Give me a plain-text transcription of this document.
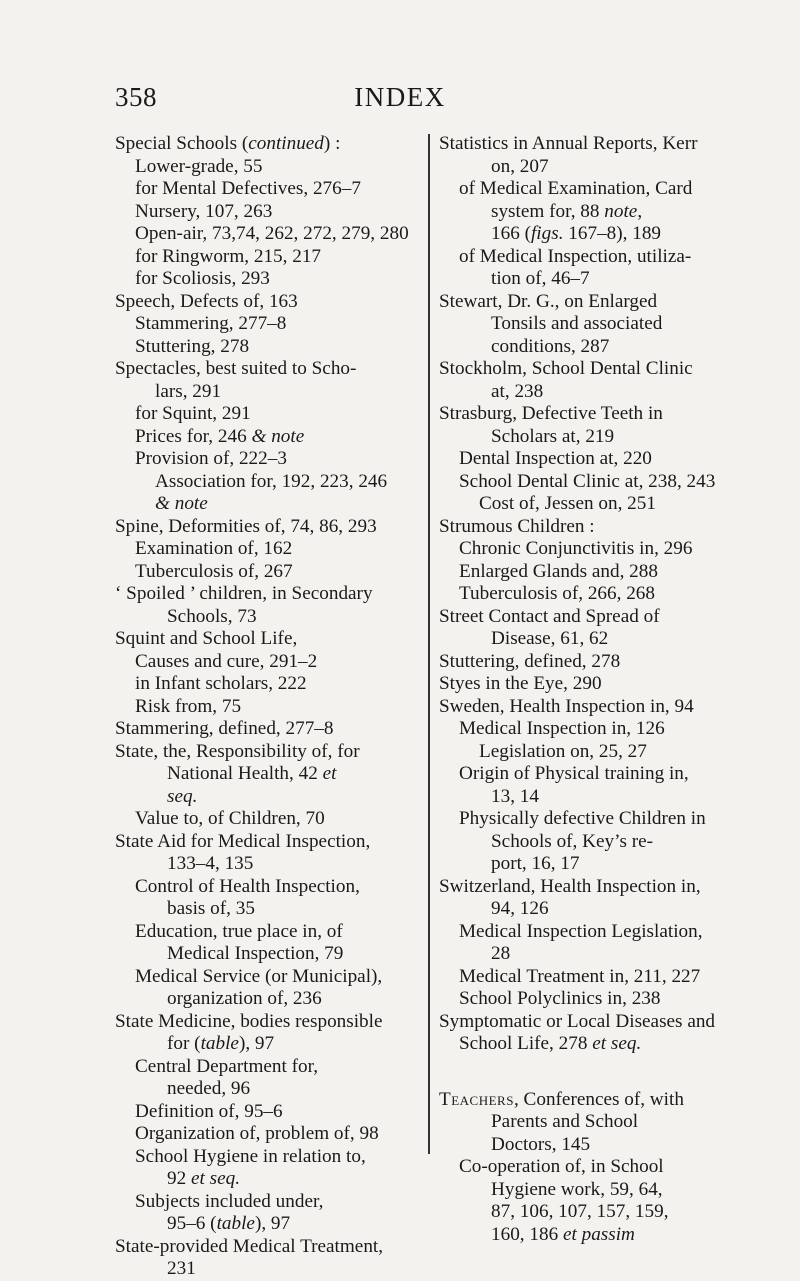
358	INDEX
Special Schools (continued) :
Lower-grade, 55
for Mental Defectives, 276–7
Nursery, 107, 263
Open-air, 73,74, 262, 272, 279, 280
for Ringworm, 215, 217
for Scoliosis, 293
Speech, Defects of, 163
Stammering, 277–8
Stuttering, 278
Spectacles, best suited to Scho-
lars, 291
for Squint, 291
Prices for, 246 & note
Provision of, 222–3
Association for, 192, 223, 246
& note
Spine, Deformities of, 74, 86, 293
Examination of, 162
Tuberculosis of, 267
‘ Spoiled ’ children, in Secondary
Schools, 73
Squint and School Life,
Causes and cure, 291–2
in Infant scholars, 222
Risk from, 75
Stammering, defined, 277–8
State, the, Responsibility of, for
National Health, 42 et
seq.
Value to, of Children, 70
State Aid for Medical Inspection,
133–4, 135
Control of Health Inspection,
basis of, 35
Education, true place in, of
Medical Inspection, 79
Medical Service (or Municipal),
organization of, 236
State Medicine, bodies responsible
for (table), 97
Central Department for,
needed, 96
Definition of, 95–6
Organization of, problem of, 98
School Hygiene in relation to,
92 et seq.
Subjects included under,
95–6 (table), 97
State-provided Medical Treatment,
231
Statistics in Annual Reports, Kerr
on, 207
of Medical Examination, Card
system for, 88 note,
166 (figs. 167–8), 189
of Medical Inspection, utiliza-
tion of, 46–7
Stewart, Dr. G., on Enlarged
Tonsils and associated
conditions, 287
Stockholm, School Dental Clinic
at, 238
Strasburg, Defective Teeth in
Scholars at, 219
Dental Inspection at, 220
School Dental Clinic at, 238, 243
Cost of, Jessen on, 251
Strumous Children :
Chronic Conjunctivitis in, 296
Enlarged Glands and, 288
Tuberculosis of, 266, 268
Street Contact and Spread of
Disease, 61, 62
Stuttering, defined, 278
Styes in the Eye, 290
Sweden, Health Inspection in, 94
Medical Inspection in, 126
Legislation on, 25, 27
Origin of Physical training in,
13, 14
Physically defective Children in
Schools of, Key’s re-
port, 16, 17
Switzerland, Health Inspection in,
94, 126
Medical Inspection Legislation,
28
Medical Treatment in, 211, 227
School Polyclinics in, 238
Symptomatic or Local Diseases and
School Life, 278 et seq.
Teachers, Conferences of, with
Parents and School
Doctors, 145
Co-operation of, in School
Hygiene work, 59, 64,
87, 106, 107, 157, 159,
160, 186 et passim
